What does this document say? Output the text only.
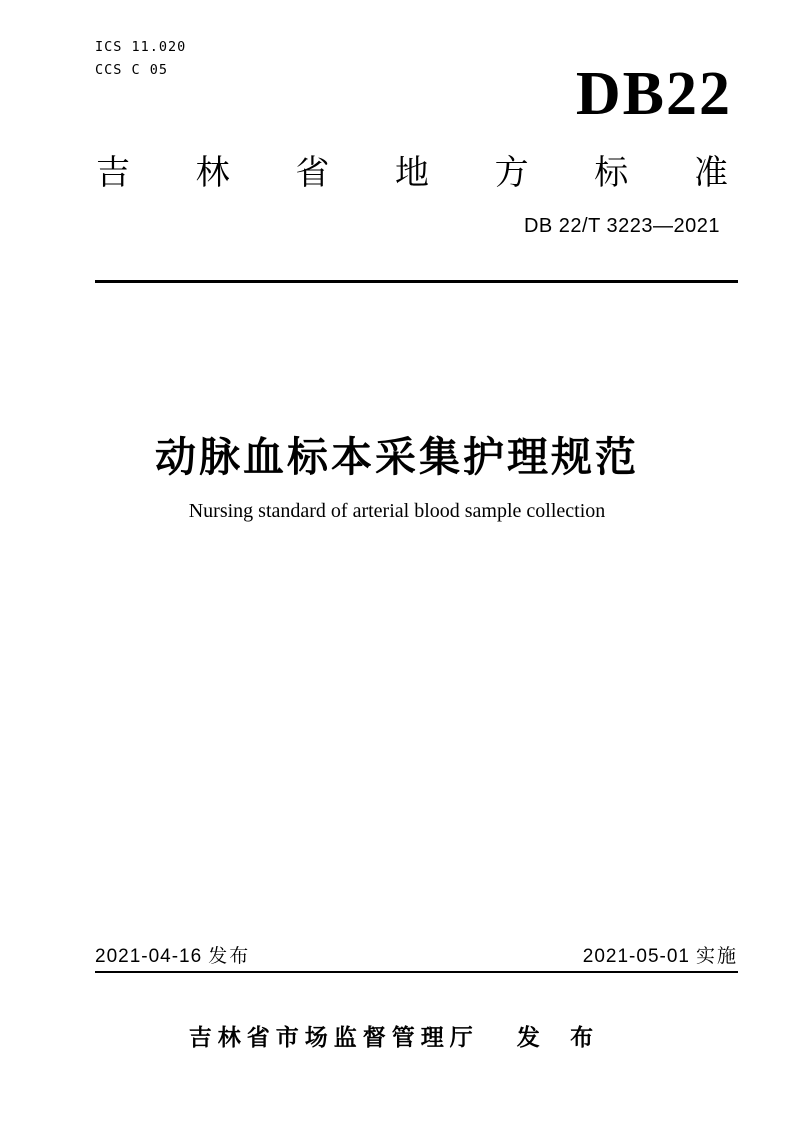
ICS 11.020
CCS C 05	DB22
吉 林 省 地 方 标 准
DB 22/T 3223—2021
动脉血标本采集护理规范
Nursing standard of arterial blood sample collection
2021-04-16 发布	2021-05-01 实施
吉林省市场监督管理厅 发 布
